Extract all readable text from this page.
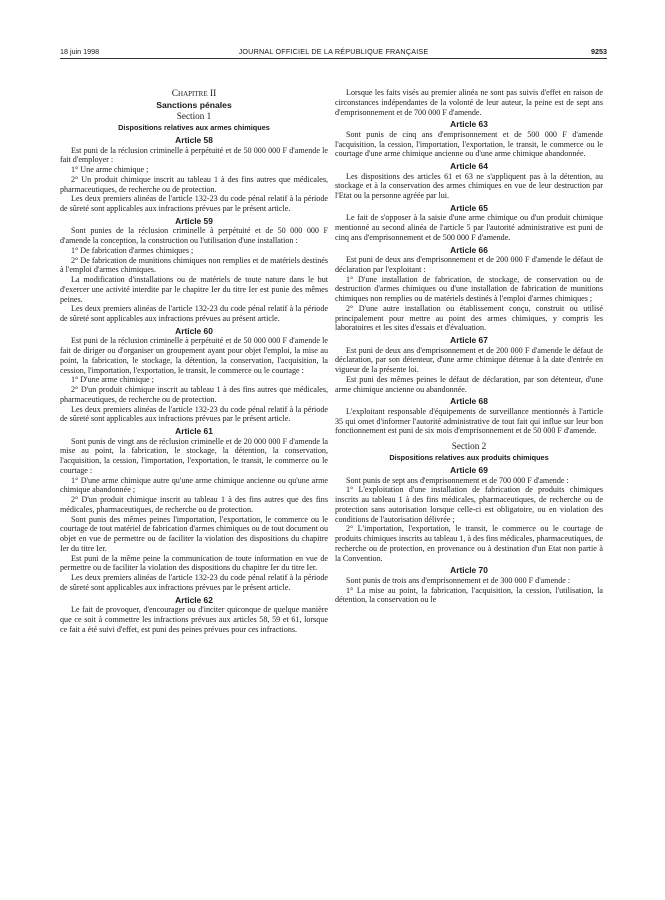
18 juin 1998	JOURNAL OFFICIEL DE LA RÉPUBLIQUE FRANÇAISE	9253
Chapitre II
Sanctions pénales
Section 1
Dispositions relatives aux armes chimiques
Article 58

Est puni de la réclusion criminelle à perpétuité et de 50 000 000 F d'amende le fait d'employer :

1° Une arme chimique ;

2° Un produit chimique inscrit au tableau 1 à des fins autres que médicales, pharmaceutiques, de recherche ou de protection.

Les deux premiers alinéas de l'article 132-23 du code pénal relatif à la période de sûreté sont applicables aux infractions prévues par le présent article.

Article 59

Sont punies de la réclusion criminelle à perpétuité et de 50 000 000 F d'amende la conception, la construction ou l'utilisation d'une installation :

1° De fabrication d'armes chimiques ;

2° De fabrication de munitions chimiques non remplies et de matériels destinés à l'emploi d'armes chimiques.

La modification d'installations ou de matériels de toute nature dans le but d'exercer une activité interdite par le chapitre Ier du titre Ier est punie des mêmes peines.

Les deux premiers alinéas de l'article 132-23 du code pénal relatif à la période de sûreté sont applicables aux infractions prévues au présent article.

Article 60

Est puni de la réclusion criminelle à perpétuité et de 50 000 000 F d'amende le fait de diriger ou d'organiser un groupement ayant pour objet l'emploi, la mise au point, la fabrication, le stockage, la détention, la conservation, l'acquisition, la cession, l'importation, l'exportation, le transit, le commerce ou le courtage :

1° D'une arme chimique ;

2° D'un produit chimique inscrit au tableau 1 à des fins autres que médicales, pharmaceutiques, de recherche ou de protection.

Les deux premiers alinéas de l'article 132-23 du code pénal relatif à la période de sûreté sont applicables aux infractions prévues par le présent article.

Article 61

Sont punis de vingt ans de réclusion criminelle et de 20 000 000 F d'amende la mise au point, la fabrication, le stockage, la détention, la conservation, l'acquisition, la cession, l'importation, l'exportation, le transit, le commerce ou le courtage :

1° D'une arme chimique autre qu'une arme chimique ancienne ou qu'une arme chimique abandonnée ;

2° D'un produit chimique inscrit au tableau 1 à des fins autres que des fins médicales, pharmaceutiques, de recherche ou de protection.

Sont punis des mêmes peines l'importation, l'exportation, le commerce ou le courtage de tout matériel de fabrication d'armes chimiques ou de tout document ou objet en vue de permettre ou de faciliter la violation des dispositions du chapitre Ier du titre Ier.

Est puni de la même peine la communication de toute information en vue de permettre ou de faciliter la violation des dispositions du chapitre Ier du titre Ier.

Les deux premiers alinéas de l'article 132-23 du code pénal relatif à la période de sûreté sont applicables aux infractions prévues par le présent article.

Article 62

Le fait de provoquer, d'encourager ou d'inciter quiconque de quelque manière que ce soit à commettre les infractions prévues aux articles 58, 59 et 61, lorsque ce fait a été suivi d'effet, est puni des peines prévues pour ces infractions.

Lorsque les faits visés au premier alinéa ne sont pas suivis d'effet en raison de circonstances indépendantes de la volonté de leur auteur, la peine est de sept ans d'emprisonnement et de 700 000 F d'amende.

Article 63

Sont punis de cinq ans d'emprisonnement et de 500 000 F d'amende l'acquisition, la cession, l'importation, l'exportation, le transit, le commerce ou le courtage d'une arme chimique ancienne ou d'une arme chimique abandonnée.

Article 64

Les dispositions des articles 61 et 63 ne s'appliquent pas à la détention, au stockage et à la conservation des armes chimiques en vue de leur destruction par l'Etat ou la personne agréée par lui.

Article 65

Le fait de s'opposer à la saisie d'une arme chimique ou d'un produit chimique mentionné au second alinéa de l'article 5 par l'autorité administrative est puni de cinq ans d'emprisonnement et de 500 000 F d'amende.

Article 66

Est puni de deux ans d'emprisonnement et de 200 000 F d'amende le défaut de déclaration par l'exploitant :

1° D'une installation de fabrication, de stockage, de conservation ou de destruction d'armes chimiques ou d'une installation de fabrication de munitions chimiques non remplies ou de matériels destinés à l'emploi d'armes chimiques ;

2° D'une autre installation ou établissement conçu, construit ou utilisé principalement pour mettre au point des armes chimiques, y compris les laboratoires et les sites d'essais et d'évaluation.

Article 67

Est puni de deux ans d'emprisonnement et de 200 000 F d'amende le défaut de déclaration, par son détenteur, d'une arme chimique détenue à la date d'entrée en vigueur de la présente loi.

Est puni des mêmes peines le défaut de déclaration, par son détenteur, d'une arme chimique ancienne ou abandonnée.

Article 68

L'exploitant responsable d'équipements de surveillance mentionnés à l'article 35 qui omet d'informer l'autorité administrative de tout fait qui influe sur leur bon fonctionnement est puni de six mois d'emprisonnement et de 50 000 F d'amende.

Section 2
Dispositions relatives aux produits chimiques
Article 69

Sont punis de sept ans d'emprisonnement et de 700 000 F d'amende :

1° L'exploitation d'une installation de fabrication de produits chimiques inscrits au tableau 1 à des fins médicales, pharmaceutiques, de recherche ou de protection sans autorisation lorsque celle-ci est obligatoire, ou en violation des conditions de l'autorisation délivrée ;

2° L'importation, l'exportation, le transit, le commerce ou le courtage de produits chimiques inscrits au tableau 1, à des fins médicales, pharmaceutiques, de recherche ou de protection, en provenance ou à destination d'un Etat non partie à la Convention.

Article 70

Sont punis de trois ans d'emprisonnement et de 300 000 F d'amende :

1° La mise au point, la fabrication, l'acquisition, la cession, l'utilisation, la détention, la conservation ou le
